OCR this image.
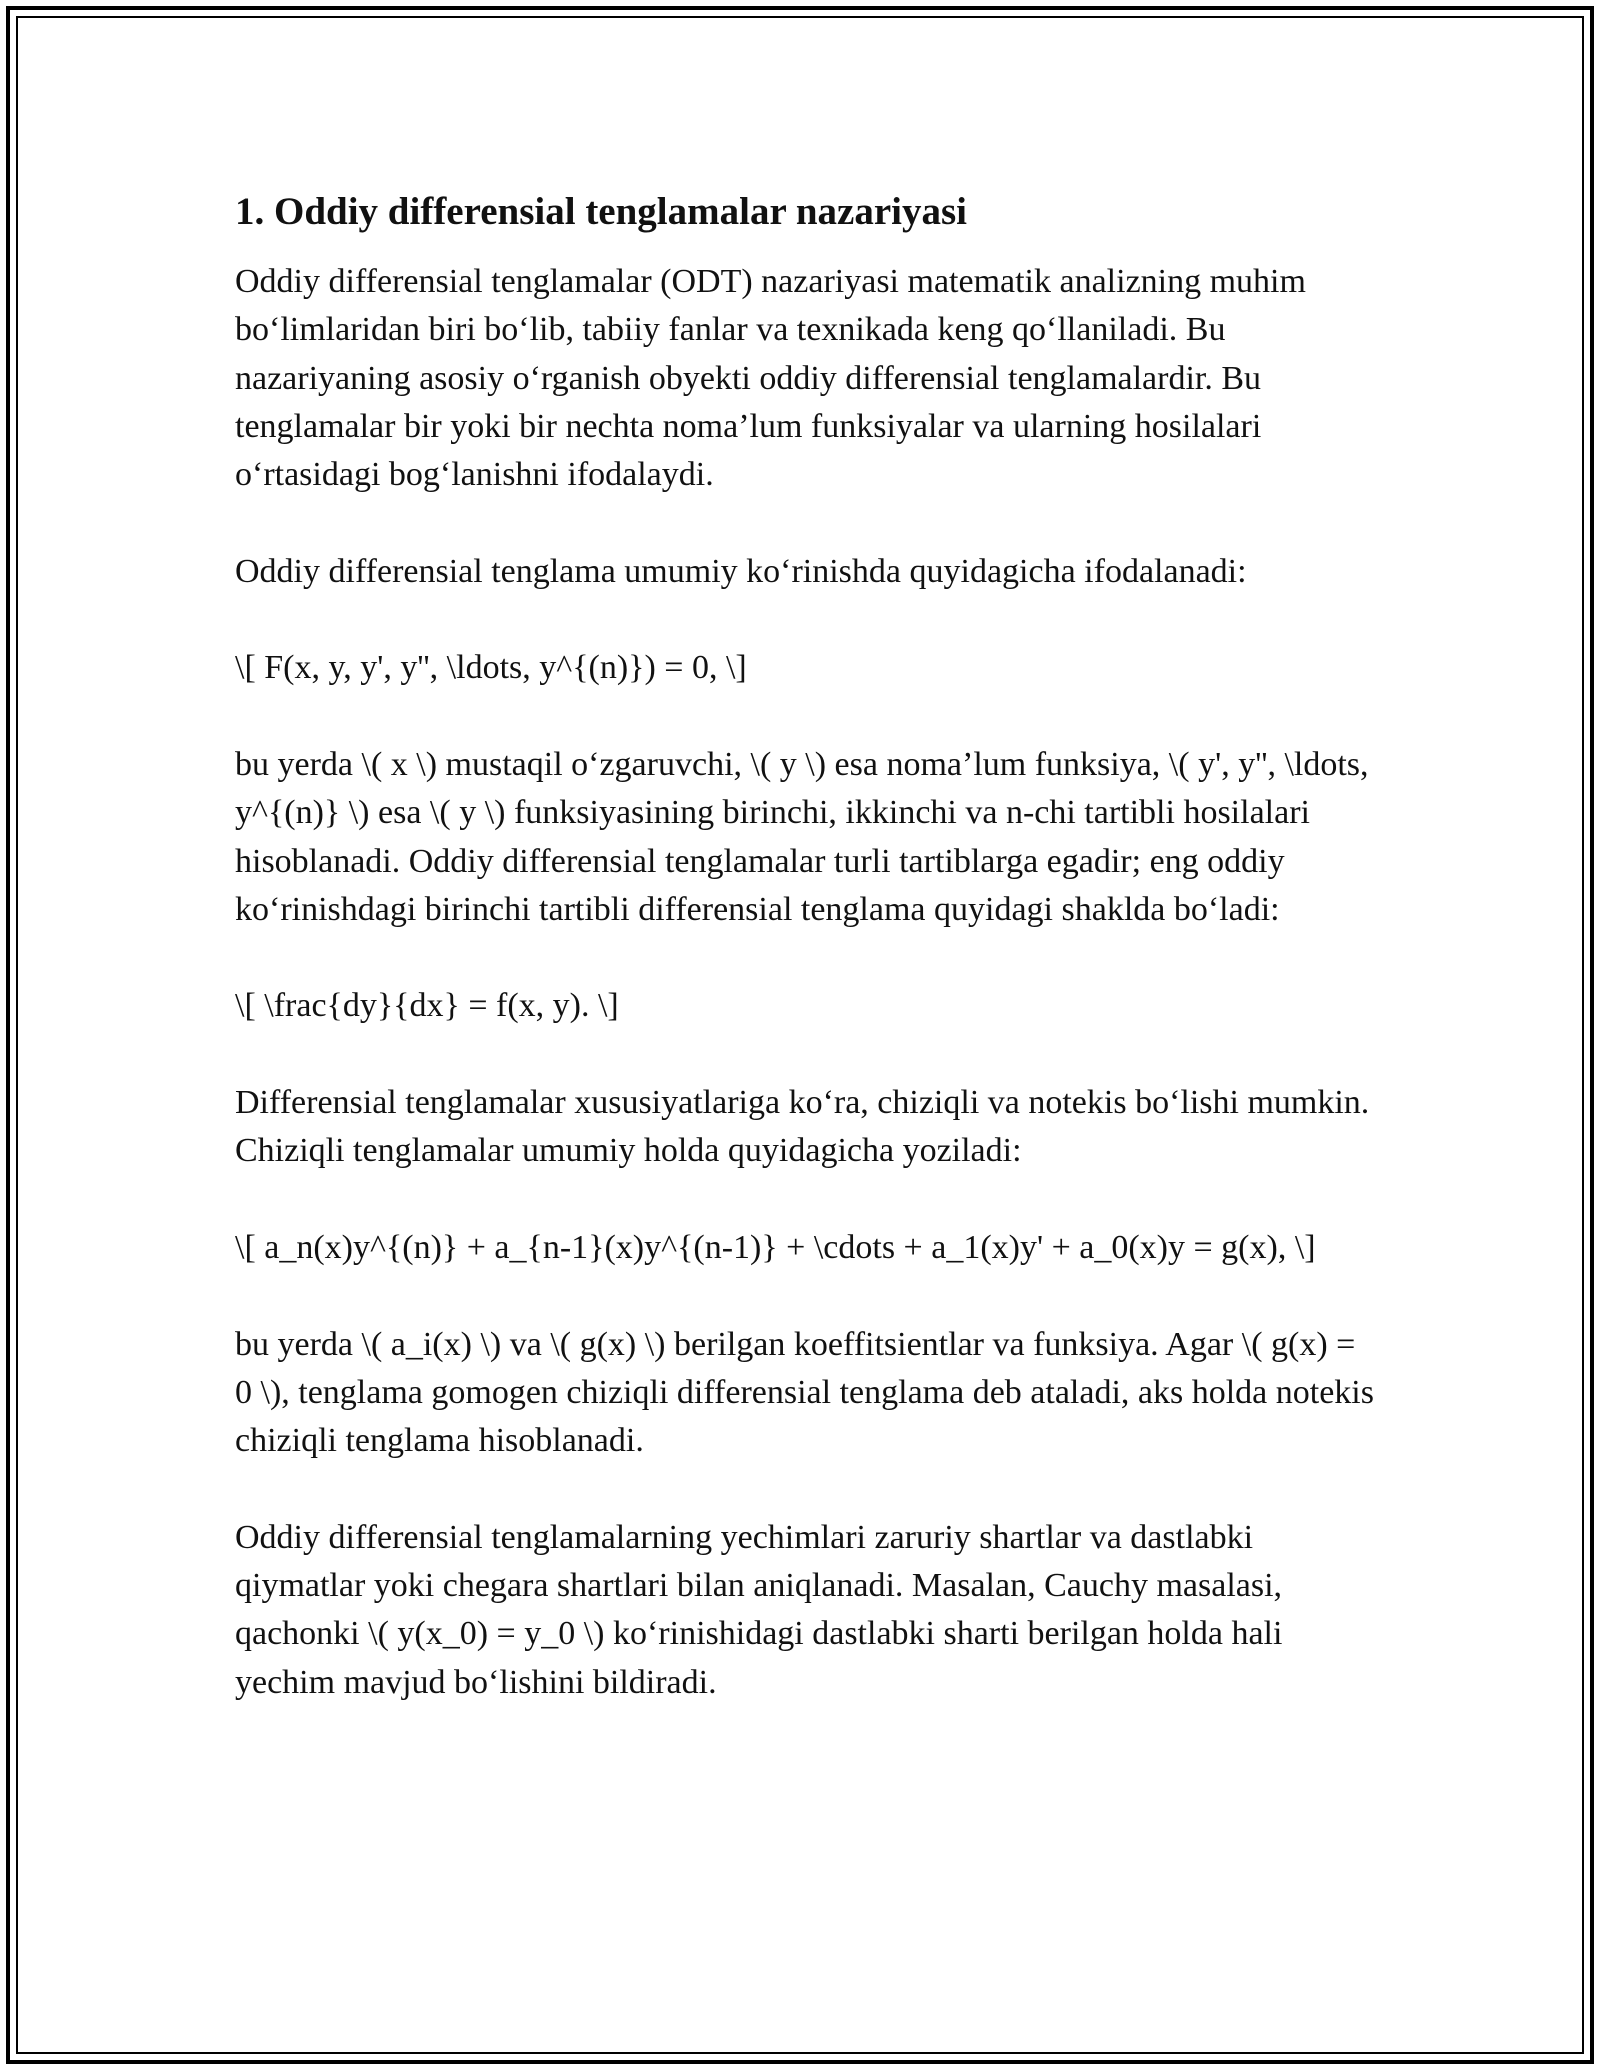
1. Oddiy differensial tenglamalar nazariyasi

Oddiy differensial tenglamalar (ODT) nazariyasi matematik analizning muhim bo‘limlaridan biri bo‘lib, tabiiy fanlar va texnikada keng qo‘llaniladi. Bu nazariyaning asosiy o‘rganish obyekti oddiy differensial tenglamalardir. Bu tenglamalar bir yoki bir nechta noma’lum funksiyalar va ularning hosilalari o‘rtasidagi bog‘lanishni ifodalaydi.

Oddiy differensial tenglama umumiy ko‘rinishda quyidagicha ifodalanadi:

\[ F(x, y, y', y'', \ldots, y^{(n)}) = 0, \]

bu yerda \( x \) mustaqil o‘zgaruvchi, \( y \) esa noma’lum funksiya, \( y', y'', \ldots, y^{(n)} \) esa \( y \) funksiyasining birinchi, ikkinchi va n-chi tartibli hosilalari hisoblanadi. Oddiy differensial tenglamalar turli tartiblarga egadir; eng oddiy ko‘rinishdagi birinchi tartibli differensial tenglama quyidagi shaklda bo‘ladi:

\[ \frac{dy}{dx} = f(x, y). \]

Differensial tenglamalar xususiyatlariga ko‘ra, chiziqli va notekis bo‘lishi mumkin. Chiziqli tenglamalar umumiy holda quyidagicha yoziladi:

\[ a_n(x)y^{(n)} + a_{n-1}(x)y^{(n-1)} + \cdots + a_1(x)y' + a_0(x)y = g(x), \]

bu yerda \( a_i(x) \) va \( g(x) \) berilgan koeffitsientlar va funksiya. Agar \( g(x) = 0 \), tenglama gomogen chiziqli differensial tenglama deb ataladi, aks holda notekis chiziqli tenglama hisoblanadi.

Oddiy differensial tenglamalarning yechimlari zaruriy shartlar va dastlabki qiymatlar yoki chegara shartlari bilan aniqlanadi. Masalan, Cauchy masalasi, qachonki \( y(x_0) = y_0 \) ko‘rinishidagi dastlabki sharti berilgan holda hali yechim mavjud bo‘lishini bildiradi.
